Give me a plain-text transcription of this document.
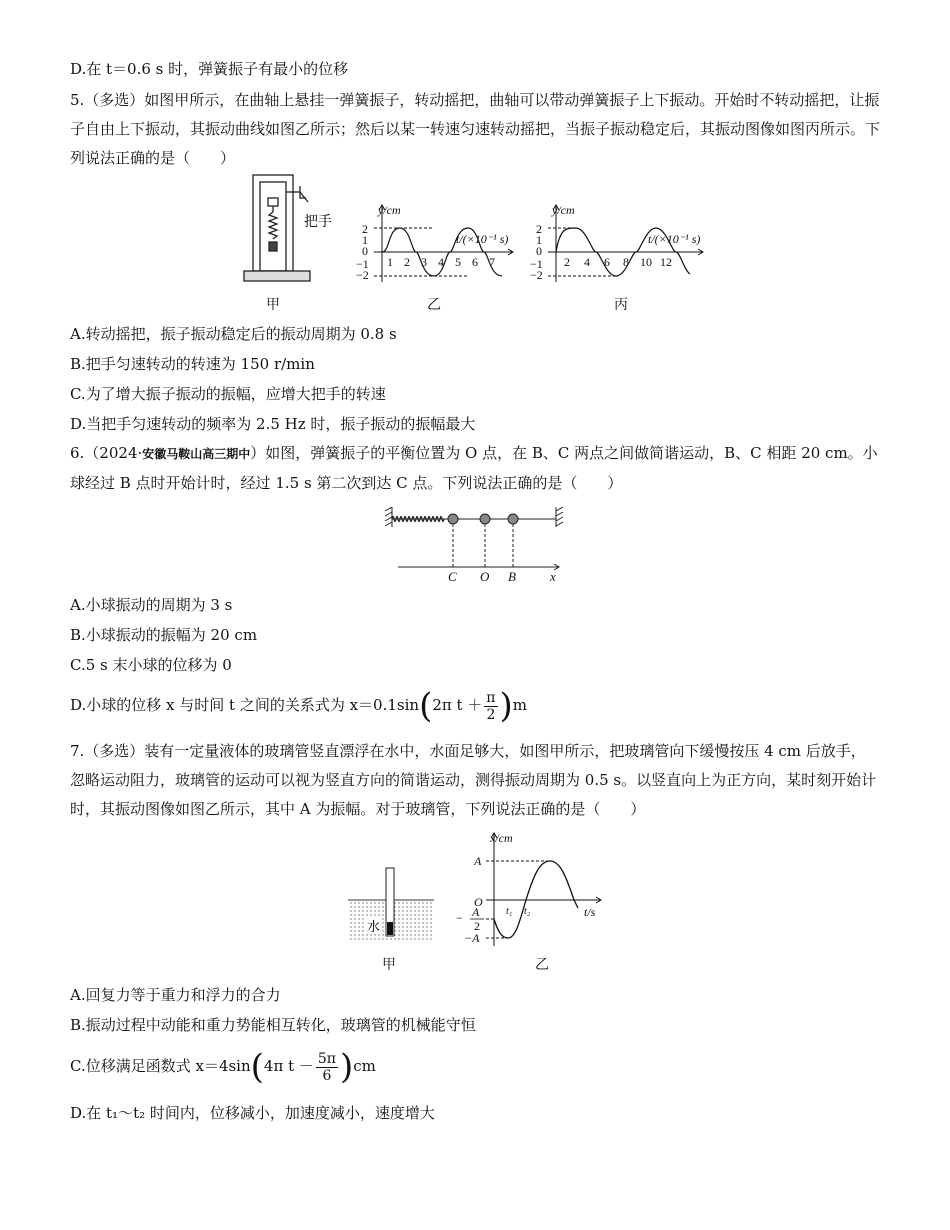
D.在 t＝0.6 s 时，弹簧振子有最小的位移
5.（多选）如图甲所示，在曲轴上悬挂一弹簧振子，转动摇把，曲轴可以带动弹簧振子上下振动。开始时不转动摇把，让振子自由上下振动，其振动曲线如图乙所示；然后以某一转速匀速转动摇把，当振子振动稳定后，其振动图像如图丙所示。下列说法正确的是（　　）
把手
甲
y/cm
t/(×10⁻¹ s)
2
1
0
−1
−2
1 2 3 4 5 6 7
乙
y/cm
t/(×10⁻¹ s)
2
1
0
−1
−2
2 4 6 8 10 12
丙
A.转动摇把，振子振动稳定后的振动周期为 0.8 s
B.把手匀速转动的转速为 150 r/min
C.为了增大振子振动的振幅，应增大把手的转速
D.当把手匀速转动的频率为 2.5 Hz 时，振子振动的振幅最大
6.（2024·安徽马鞍山高三期中）如图，弹簧振子的平衡位置为 O 点，在 B、C 两点之间做简谐运动，B、C 相距 20 cm。小球经过 B 点时开始计时，经过 1.5 s 第二次到达 C 点。下列说法正确的是（　　）
C O B	x
A.小球振动的周期为 3 s
B.小球振动的振幅为 20 cm
C.5 s 末小球的位移为 0
D.小球的位移 x 与时间 t 之间的关系式为 x＝0.1sin(2π $t + \frac{\pi}{2} )m$
7.（多选）装有一定量液体的玻璃管竖直漂浮在水中，水面足够大，如图甲所示，把玻璃管向下缓慢按压 4 cm 后放手，忽略运动阻力，玻璃管的运动可以视为竖直方向的简谐运动，测得振动周期为 0.5 s。以竖直向上为正方向，某时刻开始计时，其振动图像如图乙所示，其中 A 为振幅。对于玻璃管，下列说法正确的是（　　）
水
甲
x/cm
t/s
A
O
− A
2
−A
t₁ t₂
乙
A.回复力等于重力和浮力的合力
B.振动过程中动能和重力势能相互转化，玻璃管的机械能守恒
C.位移满足函数式 x＝4sin(4π $t - \frac{5\pi}{6} )cm$
D.在 t₁～t₂ 时间内，位移减小，加速度减小，速度增大
